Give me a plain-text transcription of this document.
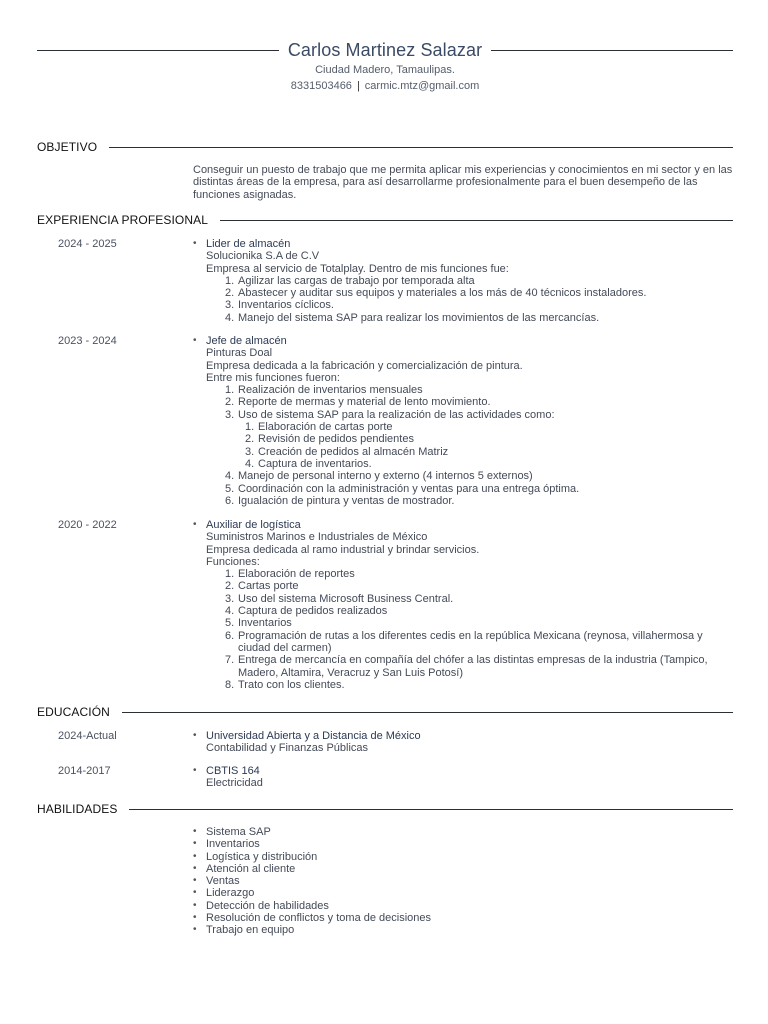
Carlos Martinez Salazar
Ciudad Madero, Tamaulipas.
8331503466 | carmic.mtz@gmail.com
OBJETIVO
Conseguir un puesto de trabajo que me permita aplicar mis experiencias y conocimientos en mi sector y en las distintas áreas de la empresa, para así desarrollarme profesionalmente para el buen desempeño de las funciones asignadas.
EXPERIENCIA PROFESIONAL
2024 - 2025	• Lider de almacén
Solucionika S.A de C.V
Empresa al servicio de Totalplay. Dentro de mis funciones fue:
1. Agilizar las cargas de trabajo por temporada alta
2. Abastecer y auditar sus equipos y materiales a los más de 40 técnicos instaladores.
3. Inventarios cíclicos.
4. Manejo del sistema SAP para realizar los movimientos de las mercancías.
2023 - 2024	• Jefe de almacén
Pinturas Doal
Empresa dedicada a la fabricación y comercialización de pintura.
Entre mis funciones fueron:
1. Realización de inventarios mensuales
2. Reporte de mermas y material de lento movimiento.
3. Uso de sistema SAP para la realización de las actividades como:
1. Elaboración de cartas porte
2. Revisión de pedidos pendientes
3. Creación de pedidos al almacén Matriz
4. Captura de inventarios.
4. Manejo de personal interno y externo (4 internos 5 externos)
5. Coordinación con la administración y ventas para una entrega óptima.
6. Igualación de pintura y ventas de mostrador.
2020 - 2022	• Auxiliar de logística
Suministros Marinos e Industriales de México
Empresa dedicada al ramo industrial y brindar servicios.
Funciones:
1. Elaboración de reportes
2. Cartas porte
3. Uso del sistema Microsoft Business Central.
4. Captura de pedidos realizados
5. Inventarios
6. Programación de rutas a los diferentes cedis en la república Mexicana (reynosa, villahermosa y ciudad del carmen)
7. Entrega de mercancía en compañía del chófer a las distintas empresas de la industria (Tampico, Madero, Altamira, Veracruz y San Luis Potosí)
8. Trato con los clientes.
EDUCACIÓN
2024-Actual	• Universidad Abierta y a Distancia de México
Contabilidad y Finanzas Públicas
2014-2017	• CBTIS 164
Electricidad
HABILIDADES
• Sistema SAP
• Inventarios
• Logística y distribución
• Atención al cliente
• Ventas
• Liderazgo
• Detección de habilidades
• Resolución de conflictos y toma de decisiones
• Trabajo en equipo
